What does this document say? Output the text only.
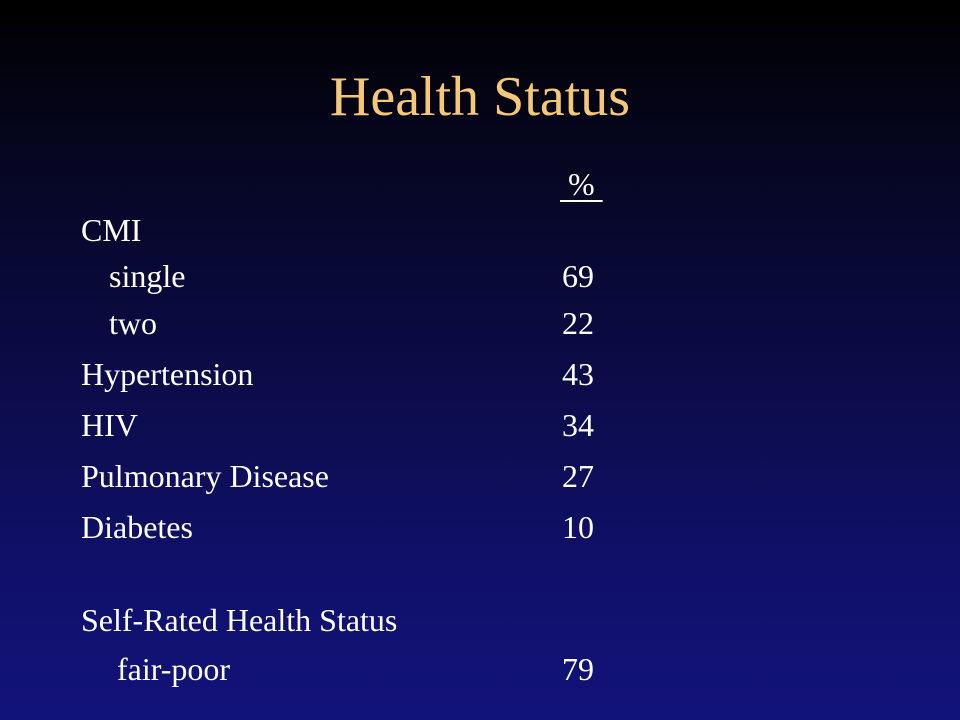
Health Status
%
CMI
single	69
two	22
Hypertension	43
HIV	34
Pulmonary Disease	27
Diabetes	10
Self-Rated Health Status
fair-poor	79
